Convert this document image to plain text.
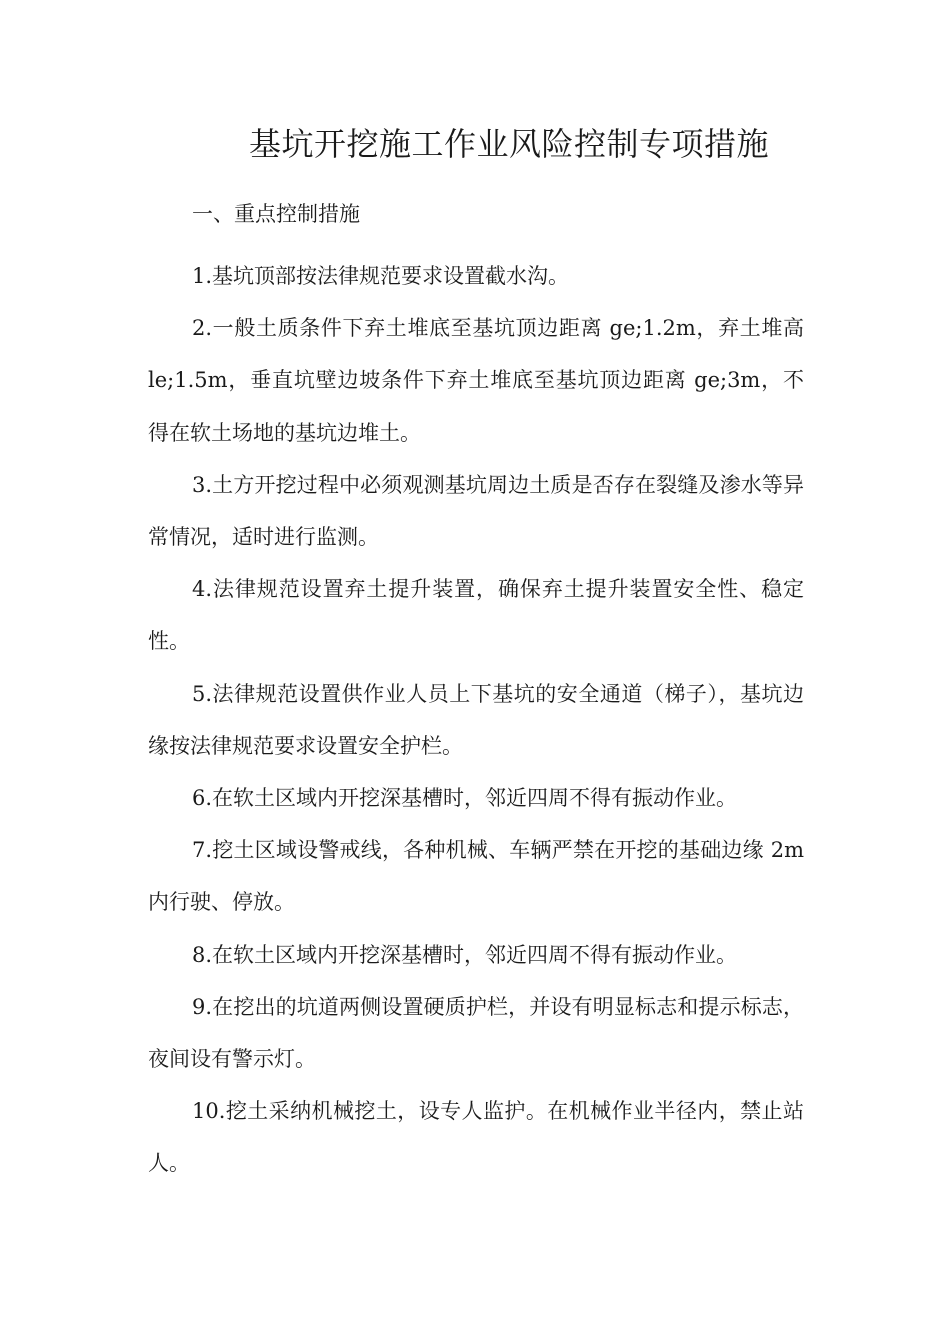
基坑开挖施工作业风险控制专项措施
一、重点控制措施

1.基坑顶部按法律规范要求设置截水沟。

2.一般土质条件下弃土堆底至基坑顶边距离 ge;1.2m，弃土堆高 le;1.5m，垂直坑壁边坡条件下弃土堆底至基坑顶边距离 ge;3m，不得在软土场地的基坑边堆土。

3.土方开挖过程中必须观测基坑周边土质是否存在裂缝及渗水等异常情况，适时进行监测。

4.法律规范设置弃土提升装置，确保弃土提升装置安全性、稳定性。

5.法律规范设置供作业人员上下基坑的安全通道（梯子），基坑边缘按法律规范要求设置安全护栏。

6.在软土区域内开挖深基槽时，邻近四周不得有振动作业。

7.挖土区域设警戒线，各种机械、车辆严禁在开挖的基础边缘 2m 内行驶、停放。

8.在软土区域内开挖深基槽时，邻近四周不得有振动作业。

9.在挖出的坑道两侧设置硬质护栏，并设有明显标志和提示标志，夜间设有警示灯。

10.挖土采纳机械挖土，设专人监护。在机械作业半径内，禁止站人。
